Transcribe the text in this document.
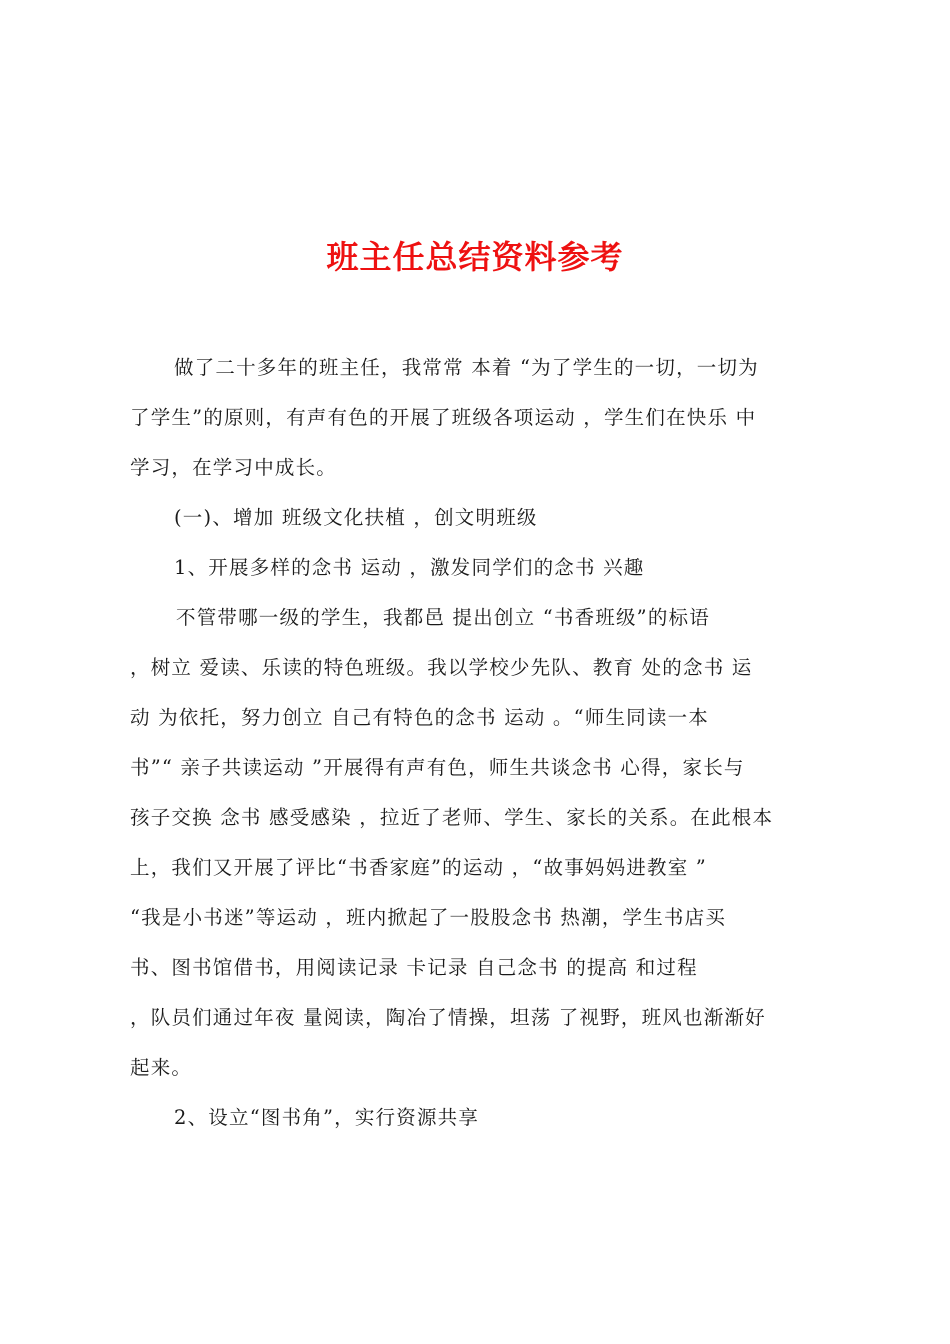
班主任总结资料参考

做了二十多年的班主任，我常常 本着 “为了学生的一切，一切为
了学生”的原则，有声有色的开展了班级各项运动 ，学生们在快乐 中
学习，在学习中成长。

(一)、增加 班级文化扶植 ，创文明班级

1、开展多样的念书 运动 ，激发同学们的念书 兴趣

不管带哪一级的学生，我都邑 提出创立 “书香班级”的标语
，树立 爱读、乐读的特色班级。我以学校少先队、教育 处的念书 运
动 为依托，努力创立 自己有特色的念书 运动 。“师生同读一本
书”“ 亲子共读运动 ”开展得有声有色，师生共谈念书 心得，家长与
孩子交换 念书 感受感染 ，拉近了老师、学生、家长的关系。在此根本
上，我们又开展了评比“书香家庭”的运动 ，“故事妈妈进教室 ”
“我是小书迷”等运动 ，班内掀起了一股股念书 热潮，学生书店买
书、图书馆借书，用阅读记录 卡记录 自己念书 的提高 和过程
，队员们通过年夜 量阅读，陶冶了情操，坦荡 了视野，班风也渐渐好
起来。

2、设立“图书角”，实行资源共享
